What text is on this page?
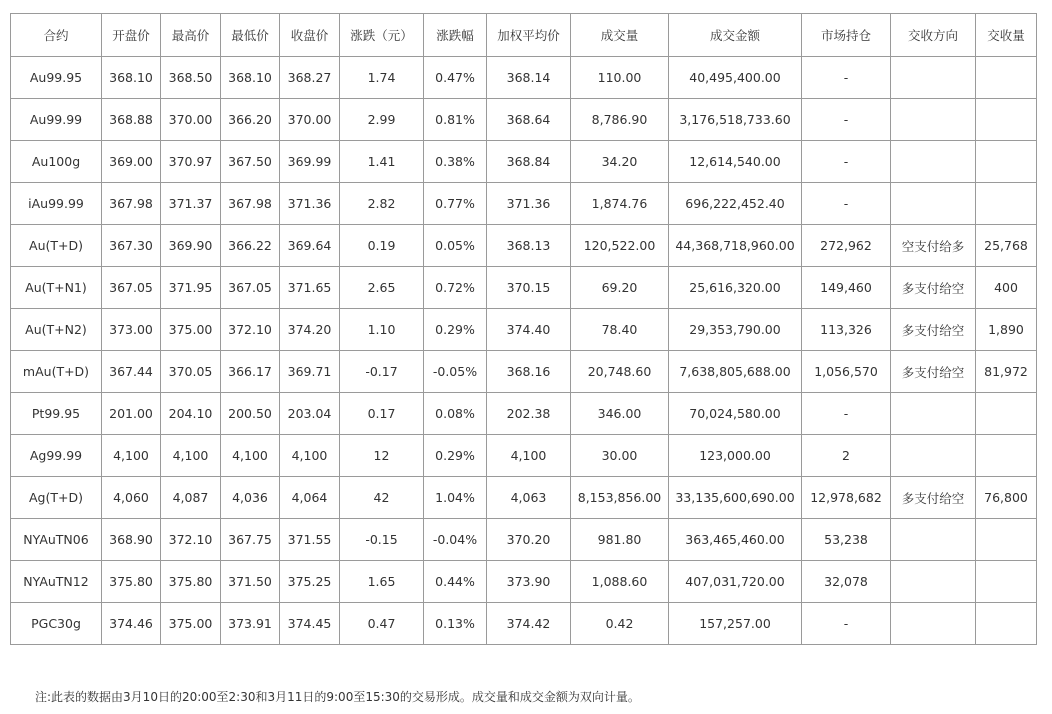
合约	开盘价	最高价	最低价	收盘价	涨跌（元）	涨跌幅	加权平均价	成交量	成交金额	市场持仓	交收方向	交收量
Au99.95	368.10	368.50	368.10	368.27	1.74	0.47%	368.14	110.00	40,495,400.00	-		
Au99.99	368.88	370.00	366.20	370.00	2.99	0.81%	368.64	8,786.90	3,176,518,733.60	-		
Au100g	369.00	370.97	367.50	369.99	1.41	0.38%	368.84	34.20	12,614,540.00	-		
iAu99.99	367.98	371.37	367.98	371.36	2.82	0.77%	371.36	1,874.76	696,222,452.40	-		
Au(T+D)	367.30	369.90	366.22	369.64	0.19	0.05%	368.13	120,522.00	44,368,718,960.00	272,962	空支付给多	25,768
Au(T+N1)	367.05	371.95	367.05	371.65	2.65	0.72%	370.15	69.20	25,616,320.00	149,460	多支付给空	400
Au(T+N2)	373.00	375.00	372.10	374.20	1.10	0.29%	374.40	78.40	29,353,790.00	113,326	多支付给空	1,890
mAu(T+D)	367.44	370.05	366.17	369.71	-0.17	-0.05%	368.16	20,748.60	7,638,805,688.00	1,056,570	多支付给空	81,972
Pt99.95	201.00	204.10	200.50	203.04	0.17	0.08%	202.38	346.00	70,024,580.00	-		
Ag99.99	4,100	4,100	4,100	4,100	12	0.29%	4,100	30.00	123,000.00	2		
Ag(T+D)	4,060	4,087	4,036	4,064	42	1.04%	4,063	8,153,856.00	33,135,600,690.00	12,978,682	多支付给空	76,800
NYAuTN06	368.90	372.10	367.75	371.55	-0.15	-0.04%	370.20	981.80	363,465,460.00	53,238		
NYAuTN12	375.80	375.80	371.50	375.25	1.65	0.44%	373.90	1,088.60	407,031,720.00	32,078		
PGC30g	374.46	375.00	373.91	374.45	0.47	0.13%	374.42	0.42	157,257.00	-		
注:此表的数据由3月10日的20:00至2:30和3月11日的9:00至15:30的交易形成。成交量和成交金额为双向计量。
